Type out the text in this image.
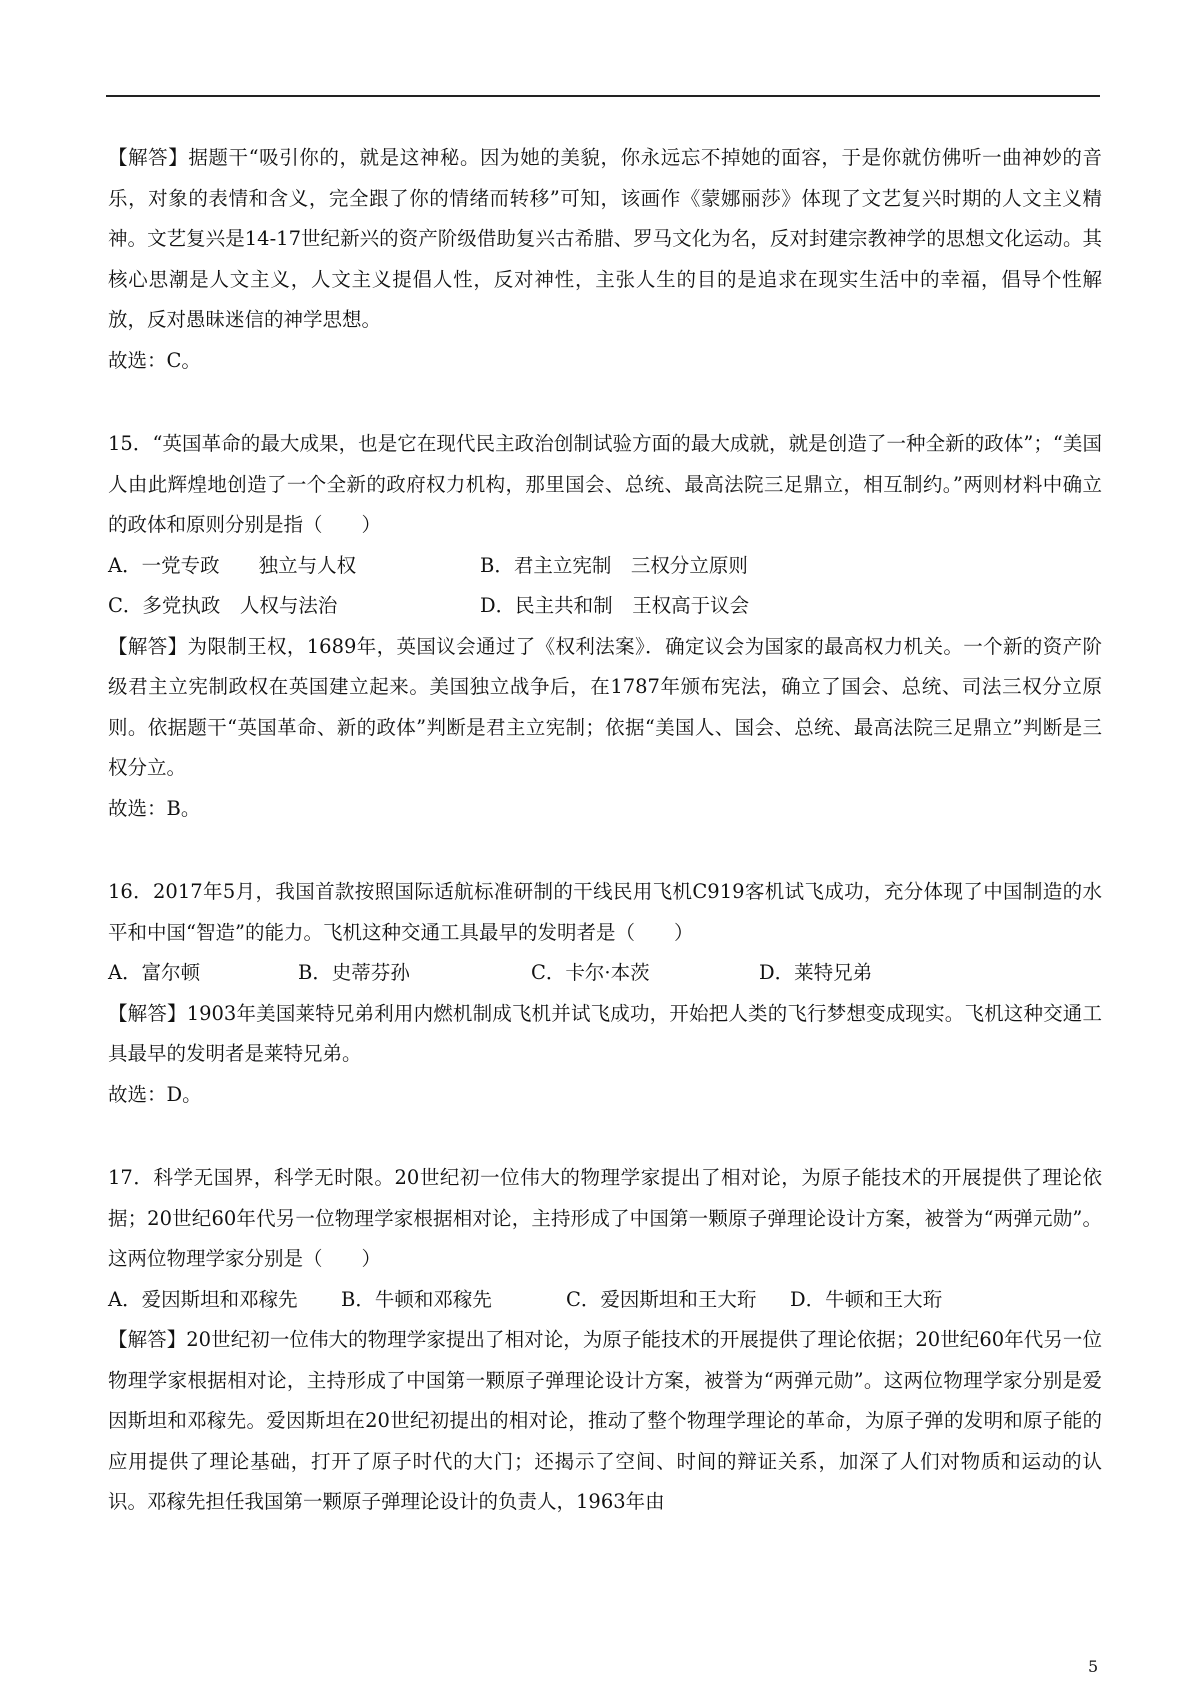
【解答】据题干“吸引你的，就是这神秘。因为她的美貌，你永远忘不掉她的面容，于是你就仿佛听一曲神妙的音乐，对象的表情和含义，完全跟了你的情绪而转移”可知，该画作《蒙娜丽莎》体现了文艺复兴时期的人文主义精神。文艺复兴是14-17世纪新兴的资产阶级借助复兴古希腊、罗马文化为名，反对封建宗教神学的思想文化运动。其核心思潮是人文主义，人文主义提倡人性，反对神性，主张人生的目的是追求在现实生活中的幸福，倡导个性解放，反对愚昧迷信的神学思想。

故选：C。

15．“英国革命的最大成果，也是它在现代民主政治创制试验方面的最大成就，就是创造了一种全新的政体”；“美国人由此辉煌地创造了一个全新的政府权力机构，那里国会、总统、最高法院三足鼎立，相互制约。”两则材料中确立的政体和原则分别是指（　　）

A．一党专政　　独立与人权	B．君主立宪制　三权分立原则
C．多党执政　人权与法治	D．民主共和制　王权高于议会

【解答】为限制王权，1689年，英国议会通过了《权利法案》．确定议会为国家的最高权力机关。一个新的资产阶级君主立宪制政权在英国建立起来。美国独立战争后，在1787年颁布宪法，确立了国会、总统、司法三权分立原则。依据题干“英国革命、新的政体”判断是君主立宪制；依据“美国人、国会、总统、最高法院三足鼎立”判断是三权分立。

故选：B。

16．2017年5月，我国首款按照国际适航标准研制的干线民用飞机C919客机试飞成功，充分体现了中国制造的水平和中国“智造”的能力。飞机这种交通工具最早的发明者是（　　）

A．富尔顿	B．史蒂芬孙	C．卡尔·本茨	D．莱特兄弟

【解答】1903年美国莱特兄弟利用内燃机制成飞机并试飞成功，开始把人类的飞行梦想变成现实。飞机这种交通工具最早的发明者是莱特兄弟。

故选：D。

17．科学无国界，科学无时限。20世纪初一位伟大的物理学家提出了相对论，为原子能技术的开展提供了理论依据；20世纪60年代另一位物理学家根据相对论，主持形成了中国第一颗原子弹理论设计方案，被誉为“两弹元勋”。这两位物理学家分别是（　　）

A．爱因斯坦和邓稼先	B．牛顿和邓稼先	C．爱因斯坦和王大珩	D．牛顿和王大珩

【解答】20世纪初一位伟大的物理学家提出了相对论，为原子能技术的开展提供了理论依据；20世纪60年代另一位物理学家根据相对论，主持形成了中国第一颗原子弹理论设计方案，被誉为“两弹元勋”。这两位物理学家分别是爱因斯坦和邓稼先。爱因斯坦在20世纪初提出的相对论，推动了整个物理学理论的革命，为原子弹的发明和原子能的应用提供了理论基础，打开了原子时代的大门；还揭示了空间、时间的辩证关系，加深了人们对物质和运动的认识。邓稼先担任我国第一颗原子弹理论设计的负责人，1963年由

5
